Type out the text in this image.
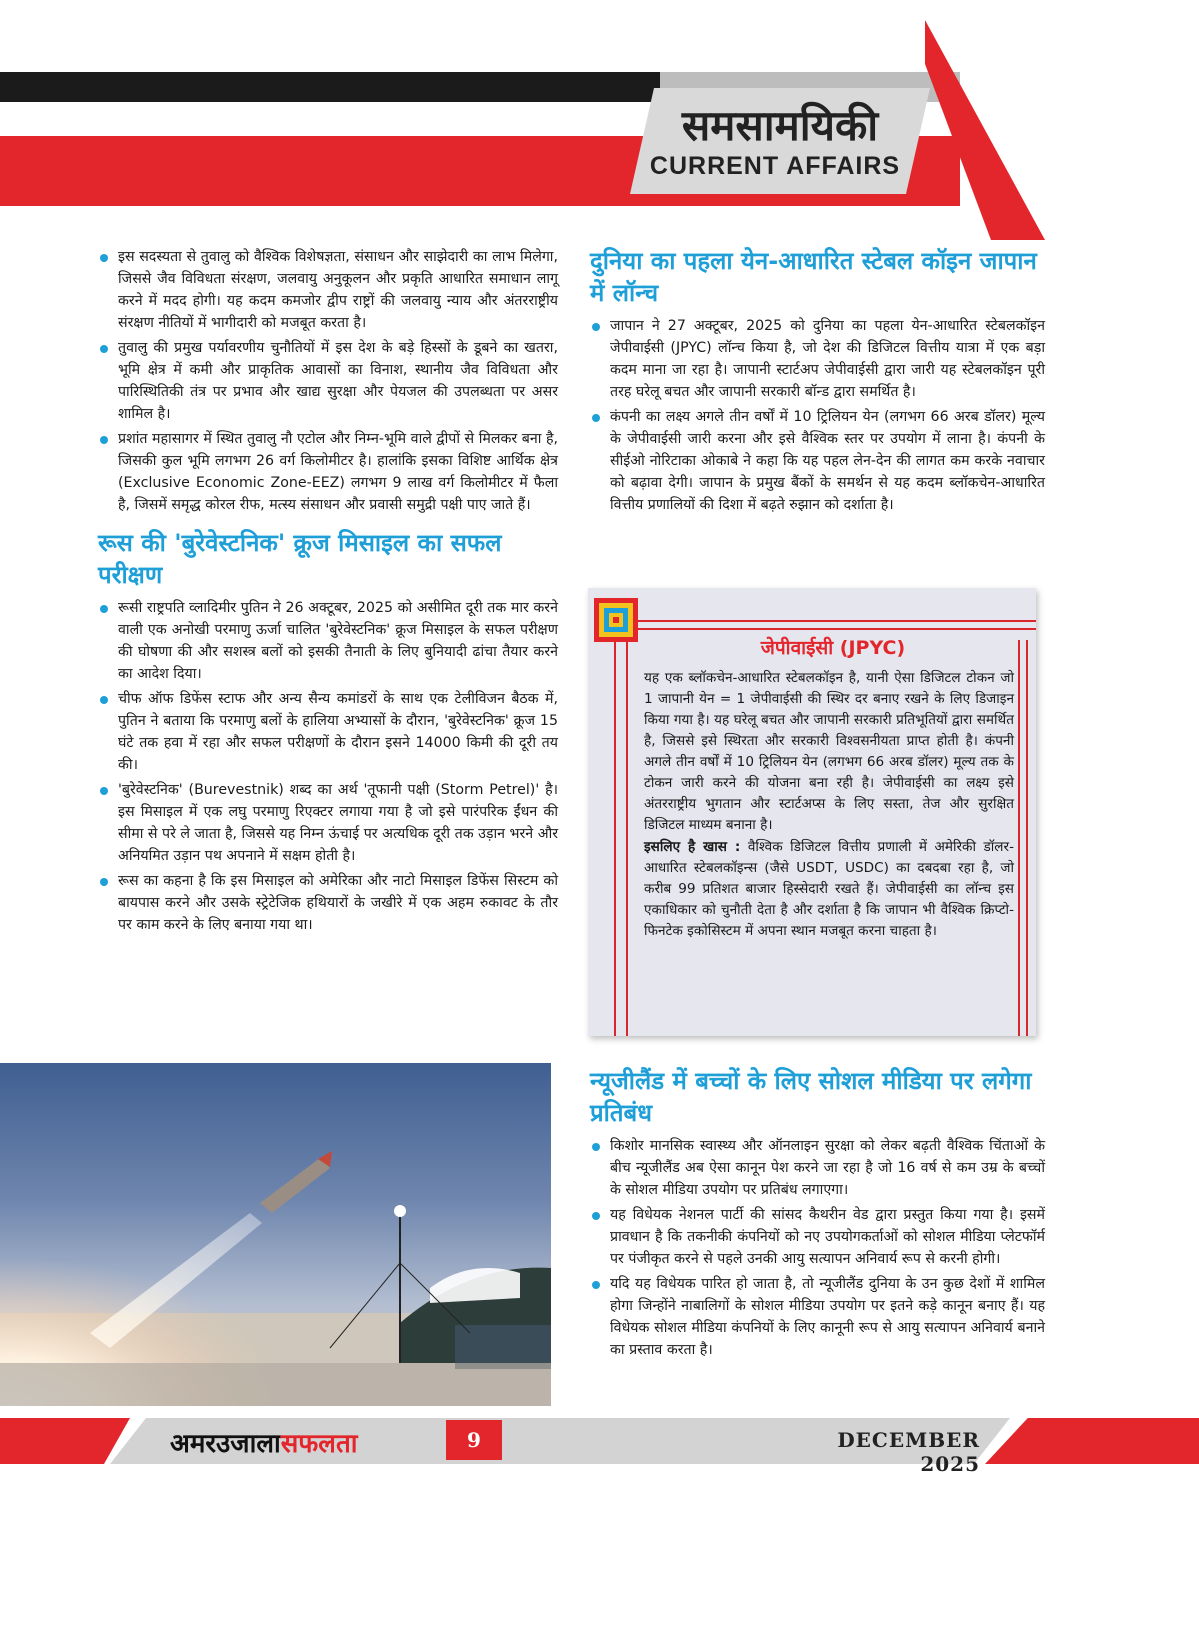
समसामयिकी
CURRENT AFFAIRS
इस सदस्यता से तुवालु को वैश्विक विशेषज्ञता, संसाधन और साझेदारी का लाभ मिलेगा, जिससे जैव विविधता संरक्षण, जलवायु अनुकूलन और प्रकृति आधारित समाधान लागू करने में मदद होगी। यह कदम कमजोर द्वीप राष्ट्रों की जलवायु न्याय और अंतरराष्ट्रीय संरक्षण नीतियों में भागीदारी को मजबूत करता है।
तुवालु की प्रमुख पर्यावरणीय चुनौतियों में इस देश के बड़े हिस्सों के डूबने का खतरा, भूमि क्षेत्र में कमी और प्राकृतिक आवासों का विनाश, स्थानीय जैव विविधता और पारिस्थितिकी तंत्र पर प्रभाव और खाद्य सुरक्षा और पेयजल की उपलब्धता पर असर शामिल है।
प्रशांत महासागर में स्थित तुवालु नौ एटोल और निम्न-भूमि वाले द्वीपों से मिलकर बना है, जिसकी कुल भूमि लगभग 26 वर्ग किलोमीटर है। हालांकि इसका विशिष्ट आर्थिक क्षेत्र (Exclusive Economic Zone-EEZ) लगभग 9 लाख वर्ग किलोमीटर में फैला है, जिसमें समृद्ध कोरल रीफ, मत्स्य संसाधन और प्रवासी समुद्री पक्षी पाए जाते हैं।
रूस की 'बुरेवेस्टनिक' क्रूज मिसाइल का सफल परीक्षण
रूसी राष्ट्रपति व्लादिमीर पुतिन ने 26 अक्टूबर, 2025 को असीमित दूरी तक मार करने वाली एक अनोखी परमाणु ऊर्जा चालित 'बुरेवेस्टनिक' क्रूज मिसाइल के सफल परीक्षण की घोषणा की और सशस्त्र बलों को इसकी तैनाती के लिए बुनियादी ढांचा तैयार करने का आदेश दिया।
चीफ ऑफ डिफेंस स्टाफ और अन्य सैन्य कमांडरों के साथ एक टेलीविजन बैठक में, पुतिन ने बताया कि परमाणु बलों के हालिया अभ्यासों के दौरान, 'बुरेवेस्टनिक' क्रूज 15 घंटे तक हवा में रहा और सफल परीक्षणों के दौरान इसने 14000 किमी की दूरी तय की।
'बुरेवेस्टनिक' (Burevestnik) शब्द का अर्थ 'तूफानी पक्षी (Storm Petrel)' है। इस मिसाइल में एक लघु परमाणु रिएक्टर लगाया गया है जो इसे पारंपरिक ईंधन की सीमा से परे ले जाता है, जिससे यह निम्न ऊंचाई पर अत्यधिक दूरी तक उड़ान भरने और अनियमित उड़ान पथ अपनाने में सक्षम होती है।
रूस का कहना है कि इस मिसाइल को अमेरिका और नाटो मिसाइल डिफेंस सिस्टम को बायपास करने और उसके स्ट्रेटेजिक हथियारों के जखीरे में एक अहम रुकावट के तौर पर काम करने के लिए बनाया गया था।
दुनिया का पहला येन-आधारित स्टेबल कॉइन जापान में लॉन्च
जापान ने 27 अक्टूबर, 2025 को दुनिया का पहला येन-आधारित स्टेबलकॉइन जेपीवाईसी (JPYC) लॉन्च किया है, जो देश की डिजिटल वित्तीय यात्रा में एक बड़ा कदम माना जा रहा है। जापानी स्टार्टअप जेपीवाईसी द्वारा जारी यह स्टेबलकॉइन पूरी तरह घरेलू बचत और जापानी सरकारी बॉन्ड द्वारा समर्थित है।
कंपनी का लक्ष्य अगले तीन वर्षों में 10 ट्रिलियन येन (लगभग 66 अरब डॉलर) मूल्य के जेपीवाईसी जारी करना और इसे वैश्विक स्तर पर उपयोग में लाना है। कंपनी के सीईओ नोरिटाका ओकाबे ने कहा कि यह पहल लेन-देन की लागत कम करके नवाचार को बढ़ावा देगी। जापान के प्रमुख बैंकों के समर्थन से यह कदम ब्लॉकचेन-आधारित वित्तीय प्रणालियों की दिशा में बढ़ते रुझान को दर्शाता है।
जेपीवाईसी (JPYC)

यह एक ब्लॉकचेन-आधारित स्टेबलकॉइन है, यानी ऐसा डिजिटल टोकन जो 1 जापानी येन = 1 जेपीवाईसी की स्थिर दर बनाए रखने के लिए डिजाइन किया गया है। यह घरेलू बचत और जापानी सरकारी प्रतिभूतियों द्वारा समर्थित है, जिससे इसे स्थिरता और सरकारी विश्वसनीयता प्राप्त होती है। कंपनी अगले तीन वर्षों में 10 ट्रिलियन येन (लगभग 66 अरब डॉलर) मूल्य तक के टोकन जारी करने की योजना बना रही है। जेपीवाईसी का लक्ष्य इसे अंतरराष्ट्रीय भुगतान और स्टार्टअप्स के लिए सस्ता, तेज और सुरक्षित डिजिटल माध्यम बनाना है।

इसलिए है खास : वैश्विक डिजिटल वित्तीय प्रणाली में अमेरिकी डॉलर-आधारित स्टेबलकॉइन्स (जैसे USDT, USDC) का दबदबा रहा है, जो करीब 99 प्रतिशत बाजार हिस्सेदारी रखते हैं। जेपीवाईसी का लॉन्च इस एकाधिकार को चुनौती देता है और दर्शाता है कि जापान भी वैश्विक क्रिप्टो-फिनटेक इकोसिस्टम में अपना स्थान मजबूत करना चाहता है।

न्यूजीलैंड में बच्चों के लिए सोशल मीडिया पर लगेगा प्रतिबंध
किशोर मानसिक स्वास्थ्य और ऑनलाइन सुरक्षा को लेकर बढ़ती वैश्विक चिंताओं के बीच न्यूजीलैंड अब ऐसा कानून पेश करने जा रहा है जो 16 वर्ष से कम उम्र के बच्चों के सोशल मीडिया उपयोग पर प्रतिबंध लगाएगा।
यह विधेयक नेशनल पार्टी की सांसद कैथरीन वेड द्वारा प्रस्तुत किया गया है। इसमें प्रावधान है कि तकनीकी कंपनियों को नए उपयोगकर्ताओं को सोशल मीडिया प्लेटफॉर्म पर पंजीकृत करने से पहले उनकी आयु सत्यापन अनिवार्य रूप से करनी होगी।
यदि यह विधेयक पारित हो जाता है, तो न्यूजीलैंड दुनिया के उन कुछ देशों में शामिल होगा जिन्होंने नाबालिगों के सोशल मीडिया उपयोग पर इतने कड़े कानून बनाए हैं। यह विधेयक सोशल मीडिया कंपनियों के लिए कानूनी रूप से आयु सत्यापन अनिवार्य बनाने का प्रस्ताव करता है।
अमरउजालासफलता	9	DECEMBER 2025
